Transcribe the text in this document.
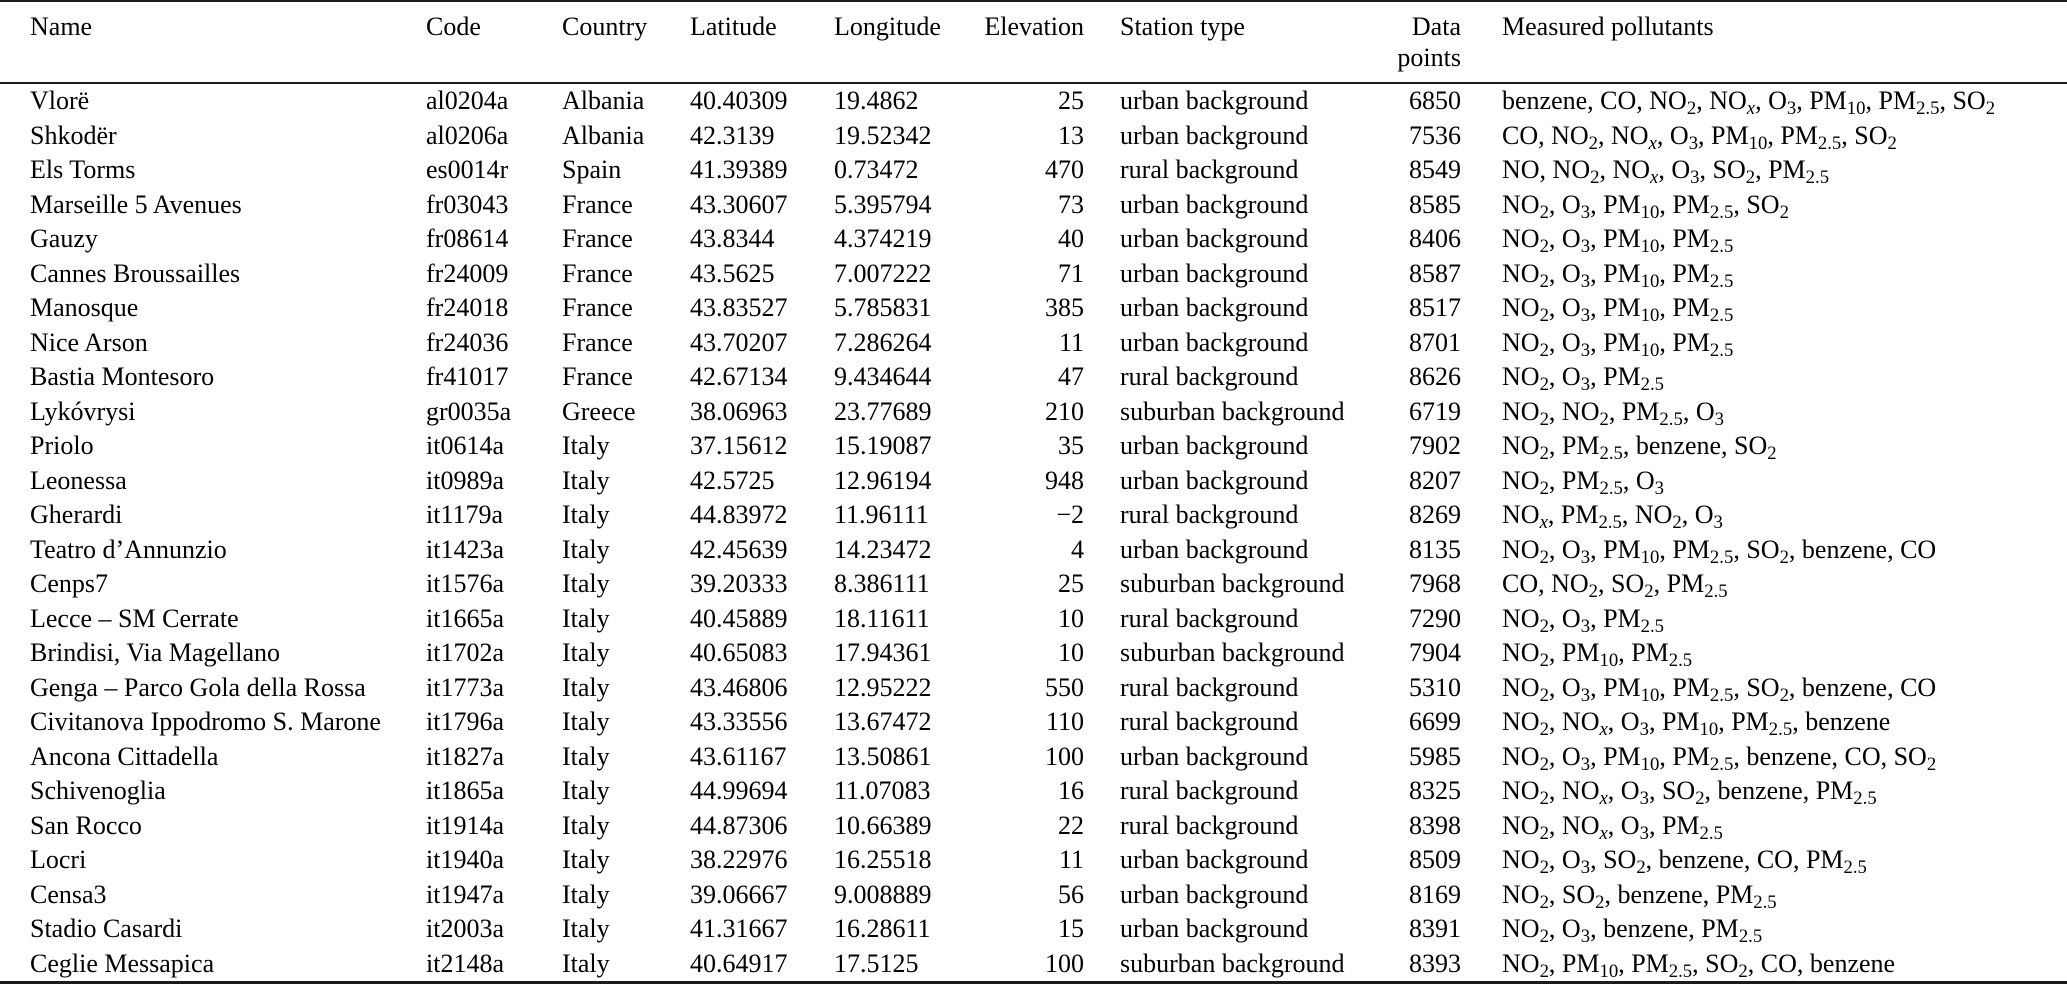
Name	Code	Country	Latitude	Longitude	Elevation	Station type	Data points	Measured pollutants
Vlorë	al0204a	Albania	40.40309	19.4862	25	urban background	6850	benzene, CO, $NO_2$, $NO_x$, $O_3$, $PM_{10}$, $PM_{2.5}$, $SO_2$
Shkodër	al0206a	Albania	42.3139	19.52342	13	urban background	7536	CO, $NO_2$, $NO_x$, $O_3$, $PM_{10}$, $PM_{2.5}$, $SO_2$
Els Torms	es0014r	Spain	41.39389	0.73472	470	rural background	8549	NO, $NO_2$, $NO_x$, $O_3$, $SO_2$, $PM_{2.5}$
Marseille 5 Avenues	fr03043	France	43.30607	5.395794	73	urban background	8585	$NO_2$, $O_3$, $PM_{10}$, $PM_{2.5}$, $SO_2$
Gauzy	fr08614	France	43.8344	4.374219	40	urban background	8406	$NO_2$, $O_3$, $PM_{10}$, $PM_{2.5}$
Cannes Broussailles	fr24009	France	43.5625	7.007222	71	urban background	8587	$NO_2$, $O_3$, $PM_{10}$, $PM_{2.5}$
Manosque	fr24018	France	43.83527	5.785831	385	urban background	8517	$NO_2$, $O_3$, $PM_{10}$, $PM_{2.5}$
Nice Arson	fr24036	France	43.70207	7.286264	11	urban background	8701	$NO_2$, $O_3$, $PM_{10}$, $PM_{2.5}$
Bastia Montesoro	fr41017	France	42.67134	9.434644	47	rural background	8626	$NO_2$, $O_3$, $PM_{2.5}$
Lykóvrysi	gr0035a	Greece	38.06963	23.77689	210	suburban background	6719	$NO_2$, $NO_2$, $PM_{2.5}$, $O_3$
Priolo	it0614a	Italy	37.15612	15.19087	35	urban background	7902	$NO_2$, $PM_{2.5}$, benzene, $SO_2$
Leonessa	it0989a	Italy	42.5725	12.96194	948	urban background	8207	$NO_2$, $PM_{2.5}$, $O_3$
Gherardi	it1179a	Italy	44.83972	11.96111	−2	rural background	8269	$NO_x$, $PM_{2.5}$, $NO_2$, $O_3$
Teatro d’Annunzio	it1423a	Italy	42.45639	14.23472	4	urban background	8135	$NO_2$, $O_3$, $PM_{10}$, $PM_{2.5}$, $SO_2$, benzene, CO
Cenps7	it1576a	Italy	39.20333	8.386111	25	suburban background	7968	CO, $NO_2$, $SO_2$, $PM_{2.5}$
Lecce – SM Cerrate	it1665a	Italy	40.45889	18.11611	10	rural background	7290	$NO_2$, $O_3$, $PM_{2.5}$
Brindisi, Via Magellano	it1702a	Italy	40.65083	17.94361	10	suburban background	7904	$NO_2$, $PM_{10}$, $PM_{2.5}$
Genga – Parco Gola della Rossa	it1773a	Italy	43.46806	12.95222	550	rural background	5310	$NO_2$, $O_3$, $PM_{10}$, $PM_{2.5}$, $SO_2$, benzene, CO
Civitanova Ippodromo S. Marone	it1796a	Italy	43.33556	13.67472	110	rural background	6699	$NO_2$, $NO_x$, $O_3$, $PM_{10}$, $PM_{2.5}$, benzene
Ancona Cittadella	it1827a	Italy	43.61167	13.50861	100	urban background	5985	$NO_2$, $O_3$, $PM_{10}$, $PM_{2.5}$, benzene, CO, $SO_2$
Schivenoglia	it1865a	Italy	44.99694	11.07083	16	rural background	8325	$NO_2$, $NO_x$, $O_3$, $SO_2$, benzene, $PM_{2.5}$
San Rocco	it1914a	Italy	44.87306	10.66389	22	rural background	8398	$NO_2$, $NO_x$, $O_3$, $PM_{2.5}$
Locri	it1940a	Italy	38.22976	16.25518	11	urban background	8509	$NO_2$, $O_3$, $SO_2$, benzene, CO, $PM_{2.5}$
Censa3	it1947a	Italy	39.06667	9.008889	56	urban background	8169	$NO_2$, $SO_2$, benzene, $PM_{2.5}$
Stadio Casardi	it2003a	Italy	41.31667	16.28611	15	urban background	8391	$NO_2$, $O_3$, benzene, $PM_{2.5}$
Ceglie Messapica	it2148a	Italy	40.64917	17.5125	100	suburban background	8393	$NO_2$, $PM_{10}$, $PM_{2.5}$, $SO_2$, CO, benzene
